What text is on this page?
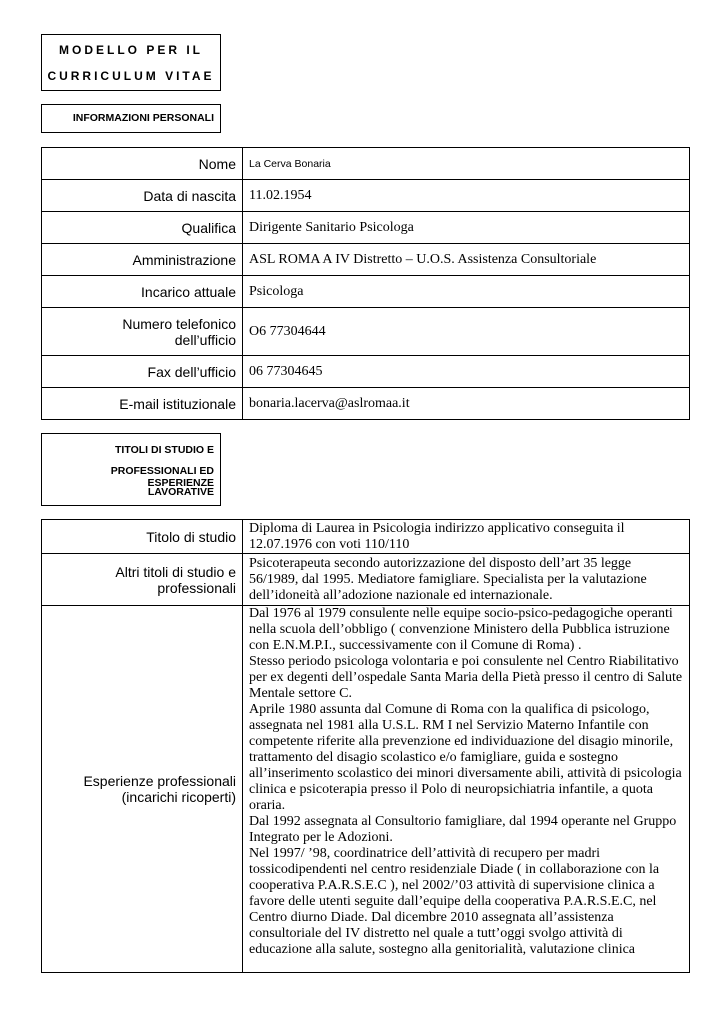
MODELLO PER IL
CURRICULUM VITAE
INFORMAZIONI PERSONALI
Nome	La Cerva Bonaria
Data di nascita	11.02.1954
Qualifica	Dirigente Sanitario Psicologa
Amministrazione	ASL ROMA A IV Distretto – U.O.S. Assistenza Consultoriale
Incarico attuale	Psicologa

Numero telefonico
dell’ufficio	O6 77304644
Fax dell’ufficio	06 77304645
E-mail istituzionale	bonaria.lacerva@aslromaa.it
TITOLI DI STUDIO E
PROFESSIONALI ED ESPERIENZE
LAVORATIVE
Titolo di studio	Diploma di Laurea in Psicologia indirizzo applicativo conseguita il 12.07.1976 con voti 110/110

Altri titoli di studio e
professionali	Psicoterapeuta secondo autorizzazione del disposto dell’art 35 legge 56/1989, dal 1995. Mediatore famigliare. Specialista per la valutazione dell’idoneità all’adozione nazionale ed internazionale.

Esperienze professionali
(incarichi ricoperti)	Dal 1976 al 1979 consulente nelle equipe socio-psico-pedagogiche operanti nella scuola dell’obbligo ( convenzione Ministero della Pubblica istruzione con E.N.M.P.I., successivamente con il Comune di Roma) .
Stesso periodo psicologa volontaria e poi consulente nel Centro Riabilitativo per ex degenti dell’ospedale Santa Maria della Pietà presso il centro di Salute Mentale settore C.
Aprile 1980 assunta dal Comune di Roma con la qualifica di psicologo, assegnata nel 1981 alla U.S.L. RM I nel Servizio Materno Infantile con competente riferite alla prevenzione ed individuazione del disagio minorile, trattamento del disagio scolastico e/o famigliare, guida e sostegno all’inserimento scolastico dei minori diversamente abili, attività di psicologia clinica e psicoterapia presso il Polo di neuropsichiatria infantile, a quota oraria.
Dal 1992 assegnata al Consultorio famigliare, dal 1994 operante nel Gruppo Integrato per le Adozioni.
Nel 1997/ ’98, coordinatrice dell’attività di recupero per madri tossicodipendenti nel centro residenziale Diade ( in collaborazione con la cooperativa P.A.R.S.E.C ), nel 2002/’03 attività di supervisione clinica a favore delle utenti seguite dall’equipe della cooperativa P.A.R.S.E.C, nel Centro diurno Diade. Dal dicembre 2010 assegnata all’assistenza consultoriale del IV distretto nel quale a tutt’oggi svolgo attività di educazione alla salute, sostegno alla genitorialità, valutazione clinica
